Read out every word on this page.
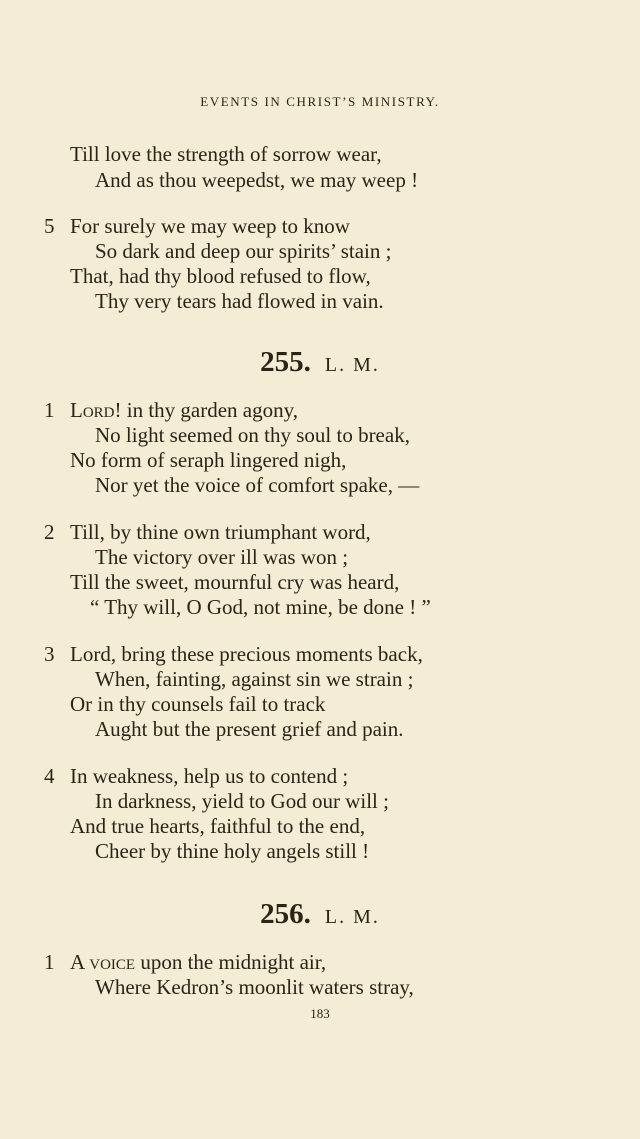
EVENTS IN CHRIST’S MINISTRY.
Till love the strength of sorrow wear,
And as thou weepedst, we may weep !
5 For surely we may weep to know
So dark and deep our spirits’ stain ;
That, had thy blood refused to flow,
Thy very tears had flowed in vain.
255. L. M.
1 Lord! in thy garden agony,
No light seemed on thy soul to break,
No form of seraph lingered nigh,
Nor yet the voice of comfort spake, —
2 Till, by thine own triumphant word,
The victory over ill was won ;
Till the sweet, mournful cry was heard,
“ Thy will, O God, not mine, be done ! ”
3 Lord, bring these precious moments back,
When, fainting, against sin we strain ;
Or in thy counsels fail to track
Aught but the present grief and pain.
4 In weakness, help us to contend ;
In darkness, yield to God our will ;
And true hearts, faithful to the end,
Cheer by thine holy angels still !
256. L. M.
1 A voice upon the midnight air,
Where Kedron’s moonlit waters stray,
183
